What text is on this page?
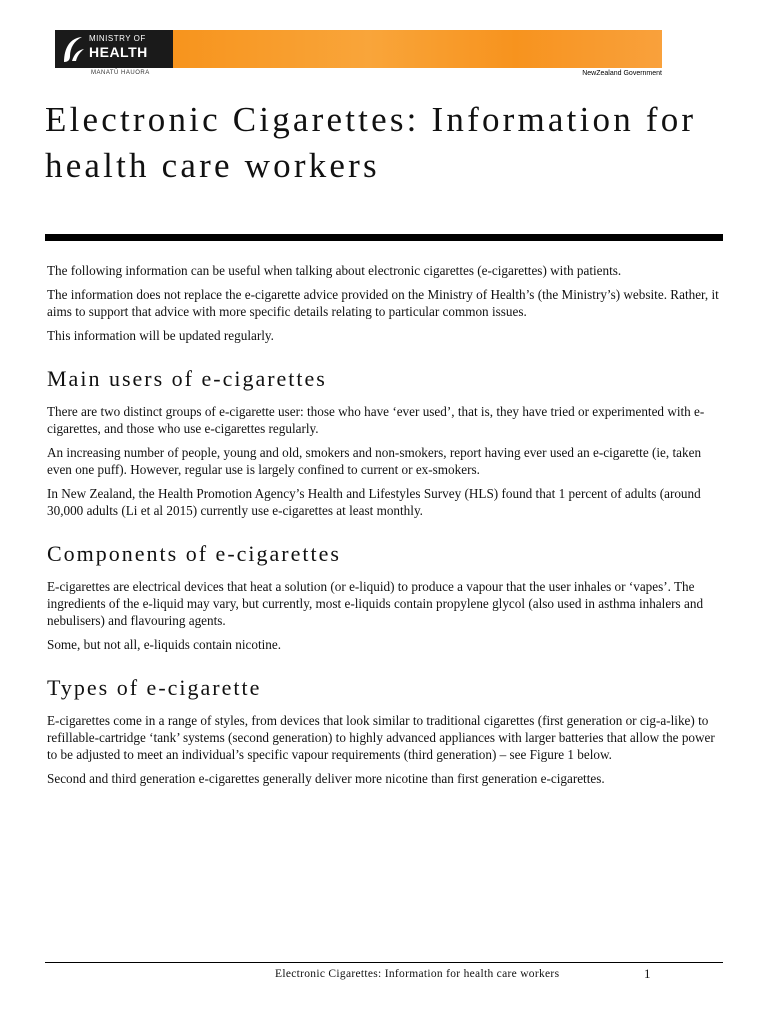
MINISTRY OF
HEALTH
MANATŪ HAUORA	NewZealand Government
Electronic Cigarettes: Information for health care workers

The following information can be useful when talking about electronic cigarettes (e-cigarettes) with patients.

The information does not replace the e-cigarette advice provided on the Ministry of Health’s (the Ministry’s) website. Rather, it aims to support that advice with more specific details relating to particular common issues.

This information will be updated regularly.

Main users of e-cigarettes

There are two distinct groups of e-cigarette user: those who have ‘ever used’, that is, they have tried or experimented with e-cigarettes, and those who use e-cigarettes regularly.

An increasing number of people, young and old, smokers and non-smokers, report having ever used an e-cigarette (ie, taken even one puff). However, regular use is largely confined to current or ex-smokers.

In New Zealand, the Health Promotion Agency’s Health and Lifestyles Survey (HLS) found that 1 percent of adults (around 30,000 adults (Li et al 2015) currently use e-cigarettes at least monthly.

Components of e-cigarettes

E-cigarettes are electrical devices that heat a solution (or e-liquid) to produce a vapour that the user inhales or ‘vapes’. The ingredients of the e-liquid may vary, but currently, most e-liquids contain propylene glycol (also used in asthma inhalers and nebulisers) and flavouring agents.

Some, but not all, e-liquids contain nicotine.

Types of e-cigarette

E-cigarettes come in a range of styles, from devices that look similar to traditional cigarettes (first generation or cig-a-like) to refillable-cartridge ‘tank’ systems (second generation) to highly advanced appliances with larger batteries that allow the power to be adjusted to meet an individual’s specific vapour requirements (third generation) – see Figure 1 below.

Second and third generation e-cigarettes generally deliver more nicotine than first generation e-cigarettes.

Electronic Cigarettes: Information for health care workers	1
